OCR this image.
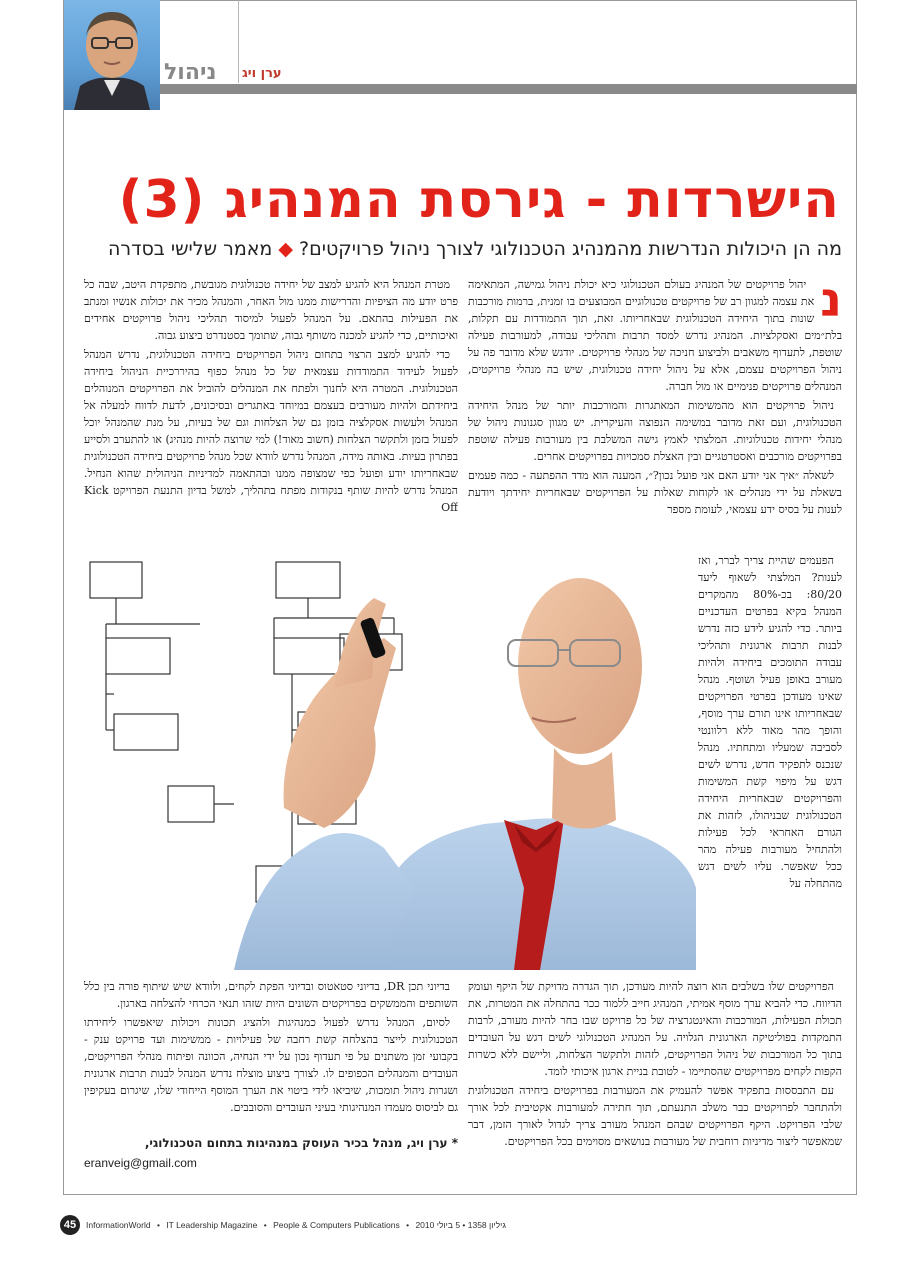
ניהול ערן ויג
הישרדות - גירסת המנהיג (3)
מה הן היכולות הנדרשות מהמנהיג הטכנולוגי לצורך ניהול פרויקטים? ◆ מאמר שלישי בסדרה
נ

יהול פרויקטים של המנהיג בעולם הטכנולוגי כיא יכולת ניהול גמישה, המתאימה את עצמה למגוון רב של פרויקטים טכנולוגיים המבוצעים בו זמנית, ברמות מורכבות שונות בתוך היחידה הטכנולוגית שבאחריותו. זאת, תוך התמודדות עם תקלות, בלת״מים ואסקלציות. המנהיג נדרש למסד תרבות ותהליכי עבודה, למעורבות פעילה שוטפת, לתעדוף משאבים ולביצוע חניכה של מנהלי פרויקטים. יודגש שלא מדובר פה על ניהול הפרויקטים עצמם, אלא על ניהול יחידה טכנולוגית, שיש בה מנהלי פרויקטים, המנהלים פרויקטים פנימיים או מול חברה.

ניהול פרויקטים הוא מהמשימות המאתגרות והמורכבות יותר של מנהל היחידה הטכנולוגית, ועם זאת מדובר במשימה הנפוצה והעיקרית. יש מגוון סגנונות ניהול של מנהלי יחידות טכנולוגיות. המלצתי לאמץ גישה המשלבת בין מעורבות פעילה שוטפת בפרויקטים מורכבים ואסטרטגיים ובין האצלת סמכויות בפרויקטים אחרים.

לשאלה ״איך אני יודע האם אני פועל נכון?״, המענה הוא מדד ההפתעה - כמה פעמים בשאלת על ידי מנהלים או לקוחות שאלות על הפרויקטים שבאחריות יחידתך ויודעת לענות על בסיס ידע עצמאי, לעומת מספר

מטרת המנהל היא להגיע למצב של יחידה טכנולוגית מגובשת, מתפקדת היטב, שבה כל פרט יודע מה הציפיות והדרישות ממנו מול האחר, והמנהל מכיר את יכולות אנשיו ומנתב את הפעילות בהתאם. על המנהל לפעול למיסוד תהליכי ניהול פרויקטים אחידים ואיכותיים, כדי להגיע למכנה משותף גבוה, שתומך בסטנדרט ביצוע גבוה.

כדי להגיע למצב הרצוי בתחום ניהול הפרויקטים ביחידה הטכנולוגית, נדרש המנהל לפעול לעידוד התמודדות עצמאית של כל מנהל כפוף בהיררכיית הניהול ביחידה הטכנולוגית. המטרה היא לחנוך ולפתח את המנהלים להוביל את הפרויקטים המנוהלים ביחידתם ולהיות מעורבים בעצמם במיוחד באתגרים ובסיכונים, לדעת לדווח למעלה אל המנהל ולעשות אסקלציה בזמן גם של הצלחות וגם של בעיות, על מנת שהמנהל יוכל לפעול בזמן ולתקשר הצלחות (חשוב מאוד!) למי שרוצה להיות מנהיג) או להתערב ולסייע בפתרון בעיות. באותה מידה, המנהל נדרש לוודא שכל מנהל פרויקטים ביחידה הטכנולוגית שבאחריותו יודע ופועל כפי שמצופה ממנו ובהתאמה למדיניות הניהולית שהוא הנחיל. המנהל נדרש להיות שותף בנקודות מפתח בתהליך, למשל בדיון התנעת הפרויקט Kick Off

הפעמים שהיית צריך לברר, ואז לענות? המלצתי לשאוף ליעד 80/20: בכ-80% מהמקרים המנהל בקיא בפרטים העדכניים ביותר. כדי להגיע לידע כזה נדרש לבנות תרבות ארגונית ותהליכי עבודה התומכים ביחידה ולהיות מעורב באופן פעיל ושוטף. מנהל שאינו מעודכן בפרטי הפרויקטים שבאחריותו אינו תורם ערך מוסף, והופך מהר מאוד ללא רלוונטי לסביבה שמעליו ומתחתיו. מנהל שנכנס לתפקיד חדש, נדרש לשים דגש על מיפוי קשת המשימות והפרויקטים שבאחריות היחידה הטכנולוגית שבניהולו, לזהות את הגורם האחראי לכל פעילות ולהתחיל מעורבות פעילה מהר ככל שאפשר. עליו לשים דגש מהתחלה על

הפרויקטים שלו בשלבים הוא רוצה להיות מעודכן, תוך הגדרה מדויקת של היקף ועומק הדיווח. כדי להביא ערך מוסף אמיתי, המנהיג חייב ללמוד ככר בהתחלה את המטרות, את תכולת הפעילות, המורכבות והאינטגרציה של כל פרויקט שבו בחר להיות מעורב, לרבות התמקדות בפוליטיקה הארגונית הגלויה. על המנהיג הטכנולוגי לשים דגש על העובדים בתוך כל המורכבות של ניהול הפרויקטים, לזהות ולתקשר הצלחות, וליישם ללא כשרות הקפות לקחים מפרויקטים שהסתיימו - לטובת בניית ארגון איכותי לומד.

עם התבססות בתפקיד אפשר להעמיק את המעורבות בפרויקטים ביחידה הטכנולוגית ולהתחבר לפרויקטים כבר משלב התנעתם, תוך חתירה למעורבות אקטיבית לכל אורך שלבי הפרויקט. היקף הפרויקטים שבהם המנהל מעורב צריך לגדול לאורך הזמן, דבר שמאפשר ליצור מדיניות רוחבית של מעורבות בנושאים מסוימים בכל הפרויקטים.

בדיוני תכן DR, בדיוני סטאטוס ובדיוני הפקת לקחים, ולוודא שיש שיתוף פורה בין כלל השותפים והממשקים בפרויקטים השונים היות שזהו תנאי הכרחי להצלחה בארגון.

לסיום, המנהל נדרש לפעול כמנהיגות ולהציג תכונות ויכולות שיאפשרו ליחידתו הטכנולוגית לייצר בהצלחה קשת רחבה של פעילויות - ממשימות ועד פרויקט ענק - בקבועי זמן משתנים על פי תעדוף נכון על ידי הנחיה, הכוונה ופיתוח מנהלי הפרויקטים, העובדים והמנהלים הכפופים לו. לצורך ביצוע מוצלח נדרש המנהל לבנות תרבות ארגונית ושגרות ניהול תומכות, שיביאו לידי ביטוי את הערך המוסף הייחודי שלו, שיגרום בעקיפין גם לביסוס מעמדו המנהיגותי בעיני העובדים והסובבים.

* ערן ויג, מנהל בכיר העוסק במנהיגות בתחום הטכנולוגי,
eranveig@gmail.com
45	InformationWorld • IT Leadership Magazine • People & Computers Publications • גיליון 1358 • 5 ביולי 2010
